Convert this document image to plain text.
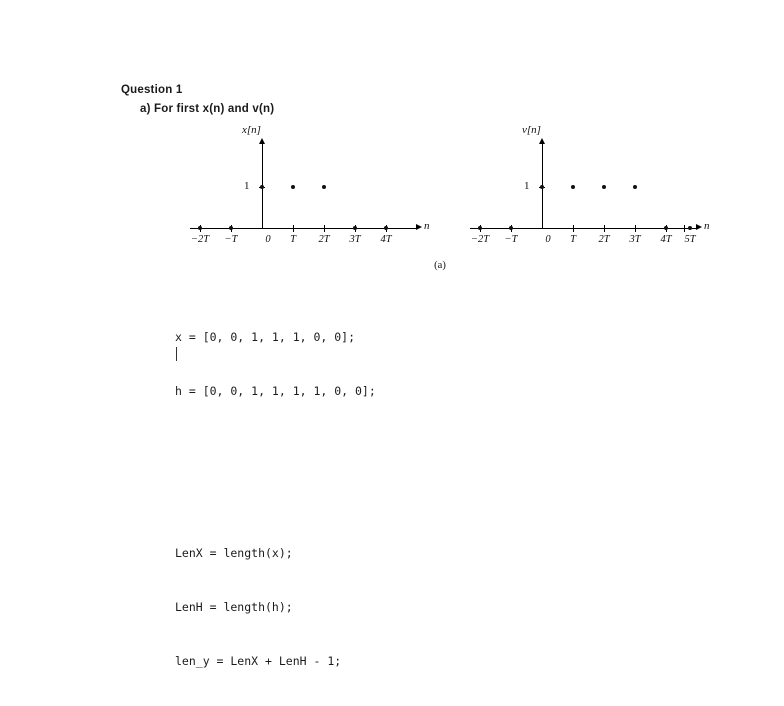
Question 1
a) For first x(n) and v(n)
x[n]
n
1
−2T −T	0 T 2T 3T 4T
v[n]
n
1
−2T −T	0 T 2T 3T 4T 5T
(a)

x = [0, 0, 1, 1, 1, 0, 0];

h = [0, 0, 1, 1, 1, 1, 0, 0];

LenX = length(x);

LenH = length(h);

len_y = LenX + LenH - 1;
